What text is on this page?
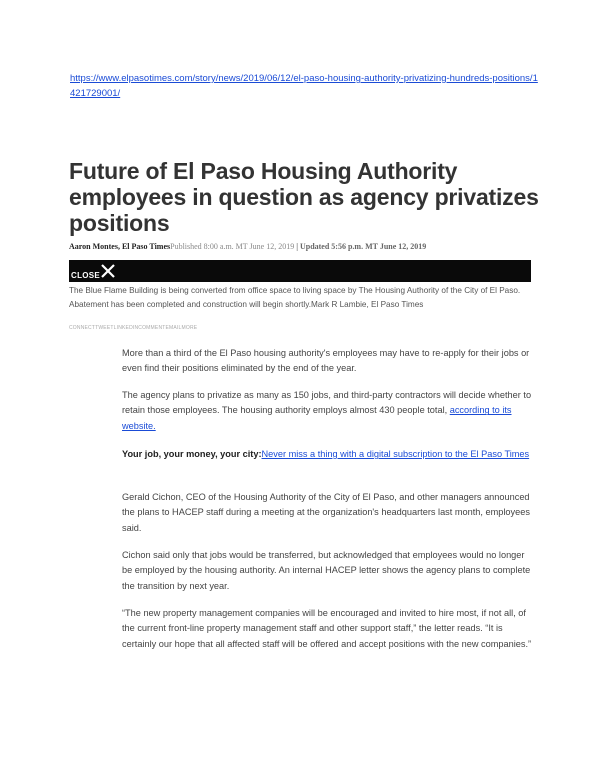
https://www.elpasotimes.com/story/news/2019/06/12/el-paso-housing-authority-privatizing-hundreds-positions/1421729001/
Future of El Paso Housing Authority employees in question as agency privatizes positions
Aaron Montes, El Paso TimesPublished 8:00 a.m. MT June 12, 2019 | Updated 5:56 p.m. MT June 12, 2019
CLOSE
The Blue Flame Building is being converted from office space to living space by The Housing Authority of the City of El Paso. Abatement has been completed and construction will begin shortly.Mark R Lambie, El Paso Times
CONNECTTWEETLINKEDINCOMMENTEMAILMORE

More than a third of the El Paso housing authority's employees may have to re-apply for their jobs or even find their positions eliminated by the end of the year.

The agency plans to privatize as many as 150 jobs, and third-party contractors will decide whether to retain those employees. The housing authority employs almost 430 people total, according to its website.

Your job, your money, your city:Never miss a thing with a digital subscription to the El Paso Times

Gerald Cichon, CEO of the Housing Authority of the City of El Paso, and other managers announced the plans to HACEP staff during a meeting at the organization's headquarters last month, employees said.

Cichon said only that jobs would be transferred, but acknowledged that employees would no longer be employed by the housing authority. An internal HACEP letter shows the agency plans to complete the transition by next year.

“The new property management companies will be encouraged and invited to hire most, if not all, of the current front-line property management staff and other support staff,” the letter reads. “It is certainly our hope that all affected staff will be offered and accept positions with the new companies.”
